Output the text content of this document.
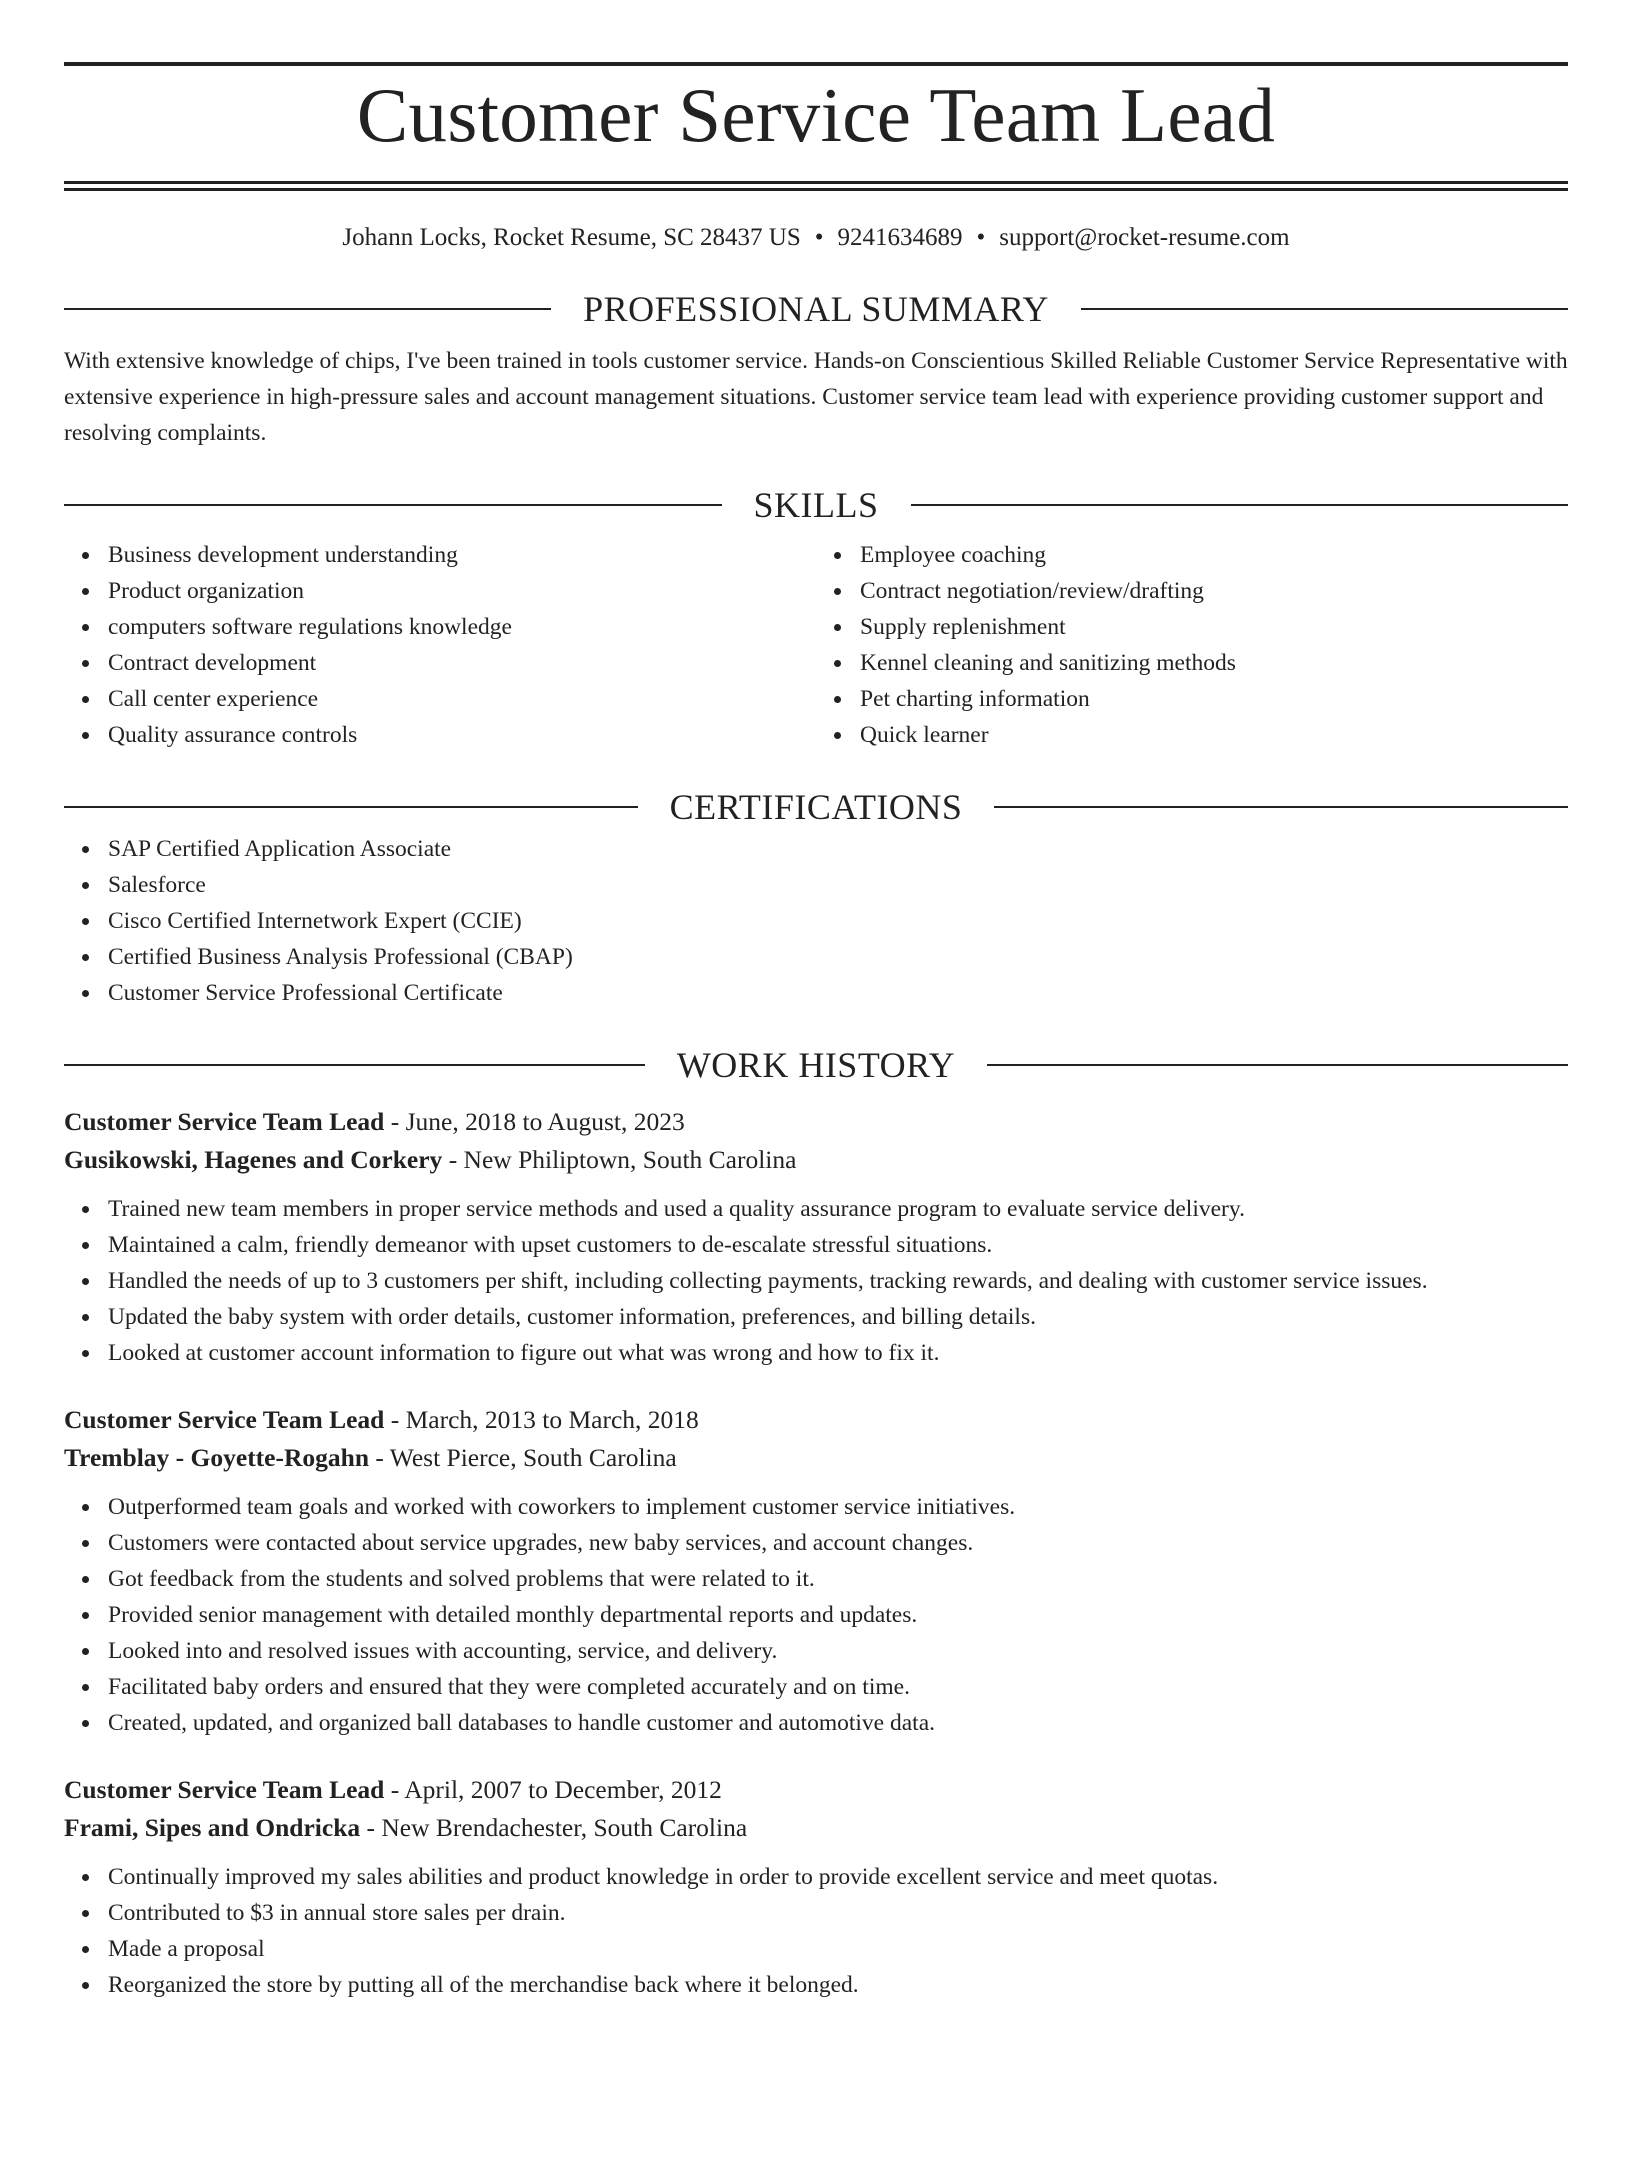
Customer Service Team Lead
Johann Locks, Rocket Resume, SC 28437 US • 9241634689 • support@rocket-resume.com
PROFESSIONAL SUMMARY

With extensive knowledge of chips, I've been trained in tools customer service. Hands-on Conscientious Skilled Reliable Customer Service Representative with extensive experience in high-pressure sales and account management situations. Customer service team lead with experience providing customer support and resolving complaints.

SKILLS
Business development understanding
Product organization
computers software regulations knowledge
Contract development
Call center experience
Quality assurance controls
Employee coaching
Contract negotiation/review/drafting
Supply replenishment
Kennel cleaning and sanitizing methods
Pet charting information
Quick learner
CERTIFICATIONS
SAP Certified Application Associate
Salesforce
Cisco Certified Internetwork Expert (CCIE)
Certified Business Analysis Professional (CBAP)
Customer Service Professional Certificate
WORK HISTORY
Customer Service Team Lead - June, 2018 to August, 2023
Gusikowski, Hagenes and Corkery - New Philiptown, South Carolina
Trained new team members in proper service methods and used a quality assurance program to evaluate service delivery.
Maintained a calm, friendly demeanor with upset customers to de-escalate stressful situations.
Handled the needs of up to 3 customers per shift, including collecting payments, tracking rewards, and dealing with customer service issues.
Updated the baby system with order details, customer information, preferences, and billing details.
Looked at customer account information to figure out what was wrong and how to fix it.
Customer Service Team Lead - March, 2013 to March, 2018
Tremblay - Goyette-Rogahn - West Pierce, South Carolina
Outperformed team goals and worked with coworkers to implement customer service initiatives.
Customers were contacted about service upgrades, new baby services, and account changes.
Got feedback from the students and solved problems that were related to it.
Provided senior management with detailed monthly departmental reports and updates.
Looked into and resolved issues with accounting, service, and delivery.
Facilitated baby orders and ensured that they were completed accurately and on time.
Created, updated, and organized ball databases to handle customer and automotive data.
Customer Service Team Lead - April, 2007 to December, 2012
Frami, Sipes and Ondricka - New Brendachester, South Carolina
Continually improved my sales abilities and product knowledge in order to provide excellent service and meet quotas.
Contributed to $3 in annual store sales per drain.
Made a proposal
Reorganized the store by putting all of the merchandise back where it belonged.
